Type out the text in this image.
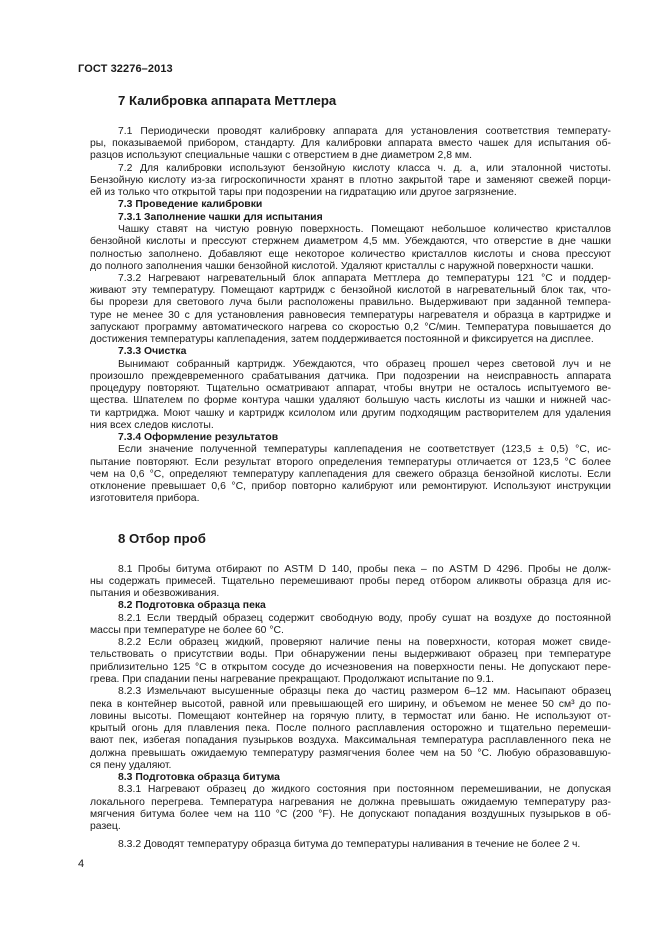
ГОСТ 32276–2013
7 Калибровка аппарата Меттлера
7.1 Периодически проводят калибровку аппарата для установления соответствия температу-
ры, показываемой прибором, стандарту. Для калибровки аппарата вместо чашек для испытания об-
разцов используют специальные чашки с отверстием в дне диаметром 2,8 мм.
7.2 Для калибровки используют бензойную кислоту класса ч. д. а, или эталонной чистоты.
Бензойную кислоту из-за гигроскопичности хранят в плотно закрытой таре и заменяют свежей порци-
ей из только что открытой тары при подозрении на гидратацию или другое загрязнение.
7.3 Проведение калибровки
7.3.1 Заполнение чашки для испытания
Чашку ставят на чистую ровную поверхность. Помещают небольшое количество кристаллов
бензойной кислоты и прессуют стержнем диаметром 4,5 мм. Убеждаются, что отверстие в дне чашки
полностью заполнено. Добавляют еще некоторое количество кристаллов кислоты и снова прессуют
до полного заполнения чашки бензойной кислотой. Удаляют кристаллы с наружной поверхности чашки.
7.3.2 Нагревают нагревательный блок аппарата Меттлера до температуры 121 °С и поддер-
живают эту температуру. Помещают картридж с бензойной кислотой в нагревательный блок так, что-
бы прорези для светового луча были расположены правильно. Выдерживают при заданной темпера-
туре не менее 30 с для установления равновесия температуры нагревателя и образца в картридже и
запускают программу автоматического нагрева со скоростью 0,2 °С/мин. Температура повышается до
достижения температуры каплепадения, затем поддерживается постоянной и фиксируется на дисплее.
7.3.3 Очистка
Вынимают собранный картридж. Убеждаются, что образец прошел через световой луч и не
произошло преждевременного срабатывания датчика. При подозрении на неисправность аппарата
процедуру повторяют. Тщательно осматривают аппарат, чтобы внутри не осталось испытуемого ве-
щества. Шпателем по форме контура чашки удаляют большую часть кислоты из чашки и нижней час-
ти картриджа. Моют чашку и картридж ксилолом или другим подходящим растворителем для удаления
ния всех следов кислоты.
7.3.4 Оформление результатов
Если значение полученной температуры каплепадения не соответствует (123,5 ± 0,5) °С, ис-
пытание повторяют. Если результат второго определения температуры отличается от 123,5 °С более
чем на 0,6 °С, определяют температуру каплепадения для свежего образца бензойной кислоты. Если
отклонение превышает 0,6 °С, прибор повторно калибруют или ремонтируют. Используют инструкции
изготовителя прибора.
8 Отбор проб
8.1 Пробы битума отбирают по ASTM D 140, пробы пека – по ASTM D 4296. Пробы не долж-
ны содержать примесей. Тщательно перемешивают пробы перед отбором аликвоты образца для ис-
пытания и обезвоживания.
8.2 Подготовка образца пека
8.2.1 Если твердый образец содержит свободную воду, пробу сушат на воздухе до постоянной
массы при температуре не более 60 °С.
8.2.2 Если образец жидкий, проверяют наличие пены на поверхности, которая может свиде-
тельствовать о присутствии воды. При обнаружении пены выдерживают образец при температуре
приблизительно 125 °С в открытом сосуде до исчезновения на поверхности пены. Не допускают пере-
грева. При спадании пены нагревание прекращают. Продолжают испытание по 9.1.
8.2.3 Измельчают высушенные образцы пека до частиц размером 6–12 мм. Насыпают образец
пека в контейнер высотой, равной или превышающей его ширину, и объемом не менее 50 см³ до по-
ловины высоты. Помещают контейнер на горячую плиту, в термостат или баню. Не используют от-
крытый огонь для плавления пека. После полного расплавления осторожно и тщательно перемеши-
вают пек, избегая попадания пузырьков воздуха. Максимальная температура расплавленного пека не
должна превышать ожидаемую температуру размягчения более чем на 50 °С. Любую образовавшую-
ся пену удаляют.
8.3 Подготовка образца битума
8.3.1 Нагревают образец до жидкого состояния при постоянном перемешивании, не допуская
локального перегрева. Температура нагревания не должна превышать ожидаемую температуру раз-
мягчения битума более чем на 110 °С (200 °F). Не допускают попадания воздушных пузырьков в об-
разец.
8.3.2 Доводят температуру образца битума до температуры наливания в течение не более 2 ч.
4
